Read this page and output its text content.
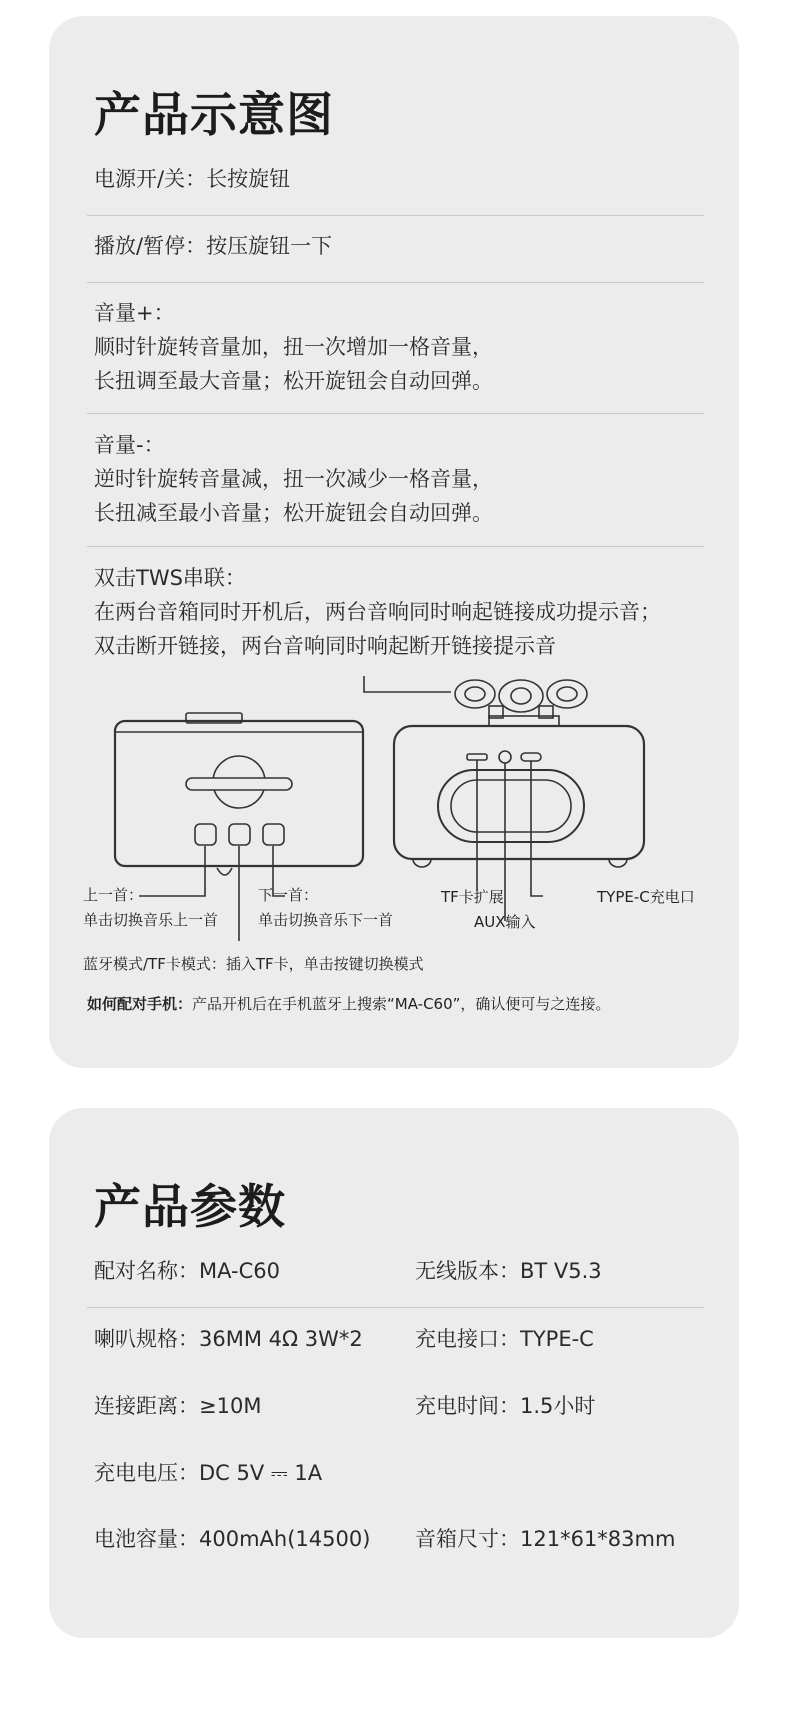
产品示意图
电源开/关：长按旋钮
播放/暂停：按压旋钮一下
音量+：
顺时针旋转音量加，扭一次增加一格音量，
长扭调至最大音量；松开旋钮会自动回弹。
音量-：
逆时针旋转音量减，扭一次减少一格音量，
长扭减至最小音量；松开旋钮会自动回弹。
双击TWS串联：
在两台音箱同时开机后，两台音响同时响起链接成功提示音；
双击断开链接，两台音响同时响起断开链接提示音
上一首：
单击切换音乐上一首
下一首：
单击切换音乐下一首
TF卡扩展
AUX输入
TYPE-C充电口
蓝牙模式/TF卡模式：插入TF卡，单击按键切换模式
如何配对手机：产品开机后在手机蓝牙上搜索“MA-C60”，确认便可与之连接。
产品参数
配对名称：MA-C60	无线版本：BT V5.3
喇叭规格：36MM 4Ω 3W*2 充电接口：TYPE-C
连接距离：≥10M	充电时间：1.5小时
充电电压：DC 5V ⎓ 1A
电池容量：400mAh(14500) 音箱尺寸：121*61*83mm
